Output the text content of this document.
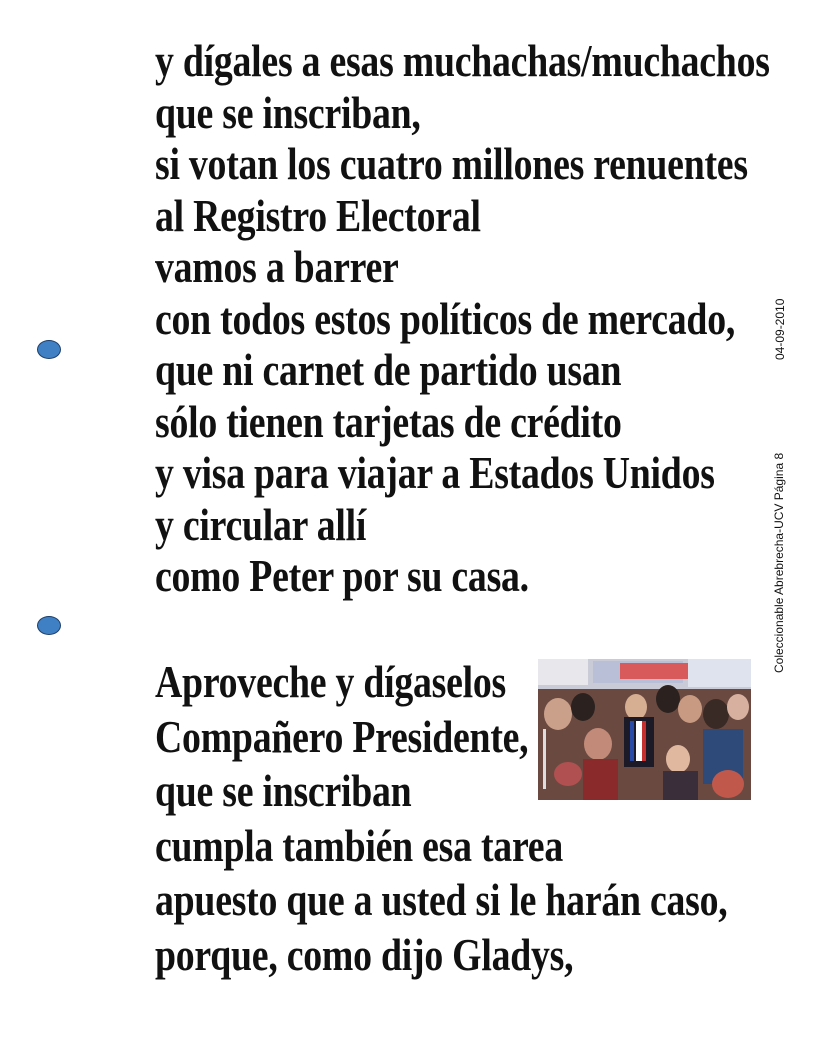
y dígales a esas muchachas/muchachos
que se inscriban,
si votan los cuatro millones renuentes
al Registro Electoral
vamos a barrer
con todos estos políticos de mercado,
que ni carnet de partido usan
sólo tienen tarjetas de crédito
y visa para viajar a Estados Unidos
y circular allí
como Peter por su casa.
Aproveche y dígaselos
Compañero Presidente,
que se inscriban
cumpla también esa tarea
apuesto que a usted si le harán caso,
porque, como dijo Gladys,
04-09-2010
Coleccionable Abrebrecha-UCV Página 8
